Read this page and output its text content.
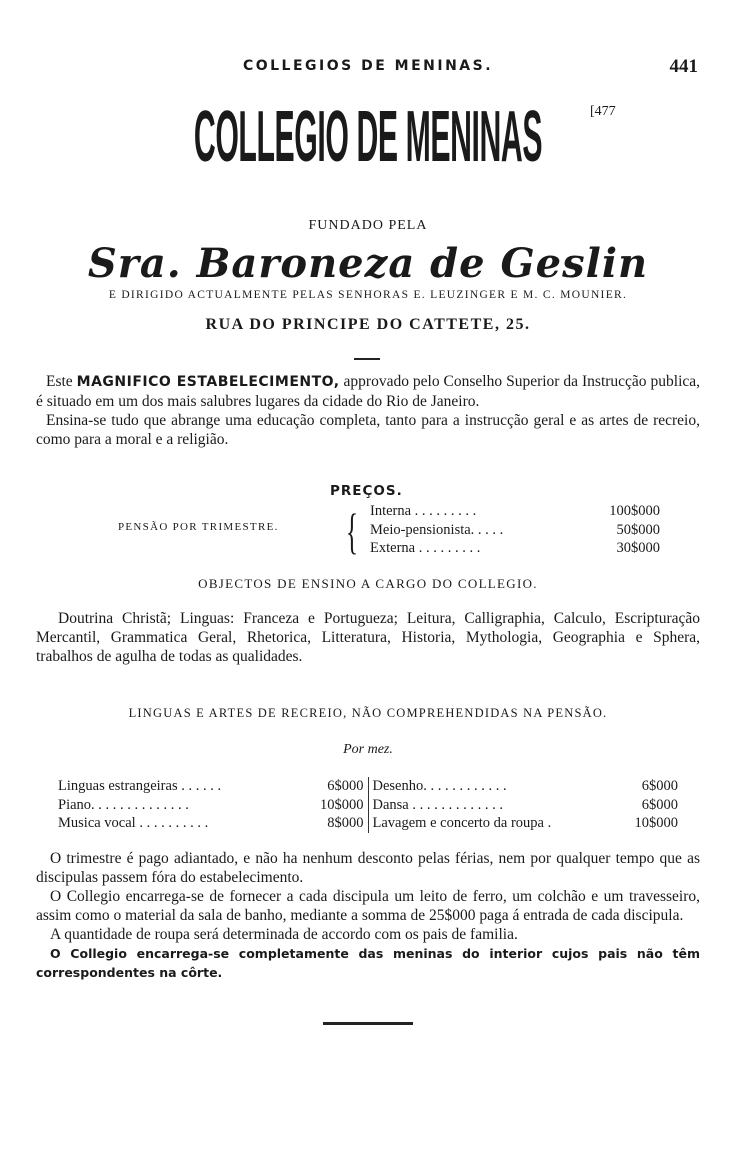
COLLEGIOS DE MENINAS.	441
COLLEGIO DE MENINAS	[477
FUNDADO PELA
Sra. Baroneza de Geslin
E DIRIGIDO ACTUALMENTE PELAS SENHORAS E. LEUZINGER E M. C. MOUNIER.
RUA DO PRINCIPE DO CATTETE, 25.

Este MAGNIFICO ESTABELECIMENTO, approvado pelo Conselho Superior da Instrucção publica, é situado em um dos mais salubres lugares da cidade do Rio de Janeiro.

Ensina-se tudo que abrange uma educação completa, tanto para a instrucção geral e as artes de recreio, como para a moral e a religião.

PREÇOS.
PENSÃO POR TRIMESTRE. { Interna . . . . . . . . .	100$000
Meio-pensionista. . . . .	50$000
Externa . . . . . . . . .	30$000
OBJECTOS DE ENSINO A CARGO DO COLLEGIO.
Doutrina Christã; Linguas: Franceza e Portugueza; Leitura, Calligraphia, Calculo, Escripturação Mercantil, Grammatica Geral, Rhetorica, Litteratura, Historia, Mythologia, Geographia e Sphera, trabalhos de agulha de todas as qualidades.
LINGUAS E ARTES DE RECREIO, NÃO COMPREHENDIDAS NA PENSÃO.
Por mez.
Linguas estrangeiras . . . . . .	6$000
Piano. . . . . . . . . . . . . .	10$000
Musica vocal . . . . . . . . . .	8$000
Desenho. . . . . . . . . . . .	6$000
Dansa . . . . . . . . . . . . .	6$000
Lavagem e concerto da roupa .	10$000

O trimestre é pago adiantado, e não ha nenhum desconto pelas férias, nem por qualquer tempo que as discipulas passem fóra do estabelecimento.

O Collegio encarrega-se de fornecer a cada discipula um leito de ferro, um colchão e um travesseiro, assim como o material da sala de banho, mediante a somma de 25$000 paga á entrada de cada discipula.

A quantidade de roupa será determinada de accordo com os pais de familia.

O Collegio encarrega-se completamente das meninas do interior cujos pais não têm correspondentes na côrte.
